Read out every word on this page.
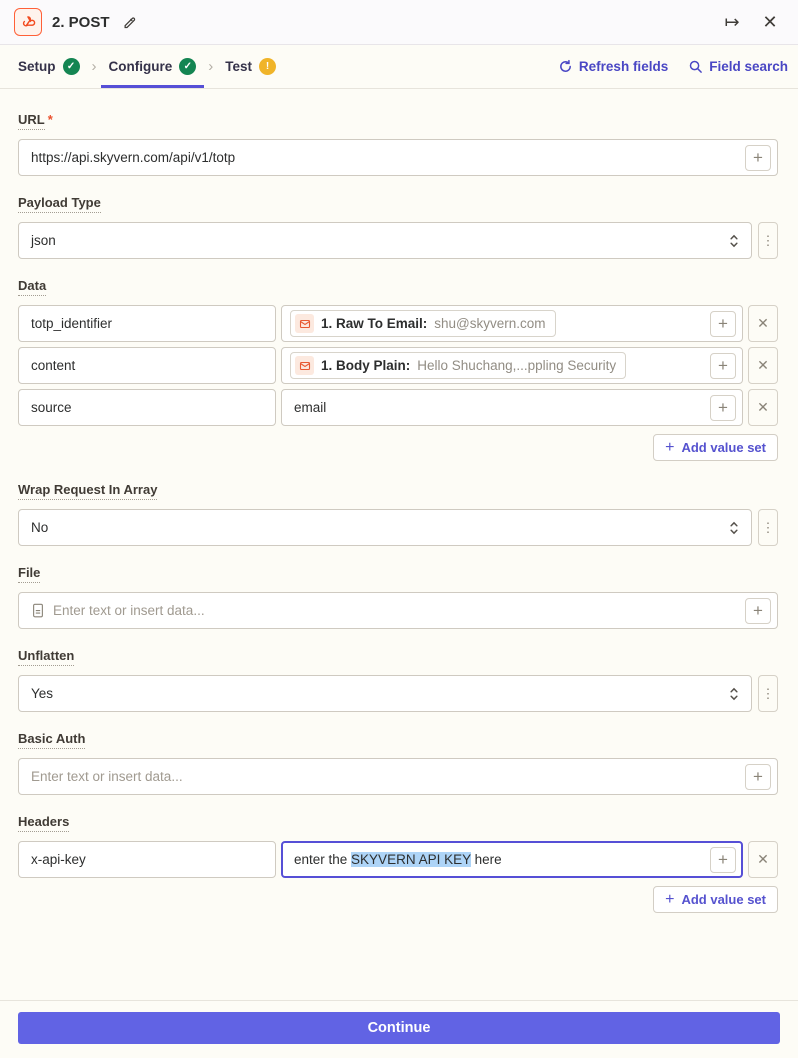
2. POST	↦ ✕
Setup	✓ › Configure	✓ › Test	!	Refresh fields	Field search
URL *
https://api.skyvern.com/api/v1/totp	+
Payload Type
json	⋮
Data
totp_identifier	1. Raw To Email: shu@skyvern.com	+ ✕
content	1. Body Plain: Hello Shuchang,...ppling Security	+ ✕
source	email	+ ✕
+ Add value set
Wrap Request In Array
No	⋮
File
Enter text or insert data...	+
Unflatten
Yes	⋮
Basic Auth
Enter text or insert data...	+
Headers
x-api-key	enter the SKYVERN API KEY here	+ ✕
+ Add value set
Continue
